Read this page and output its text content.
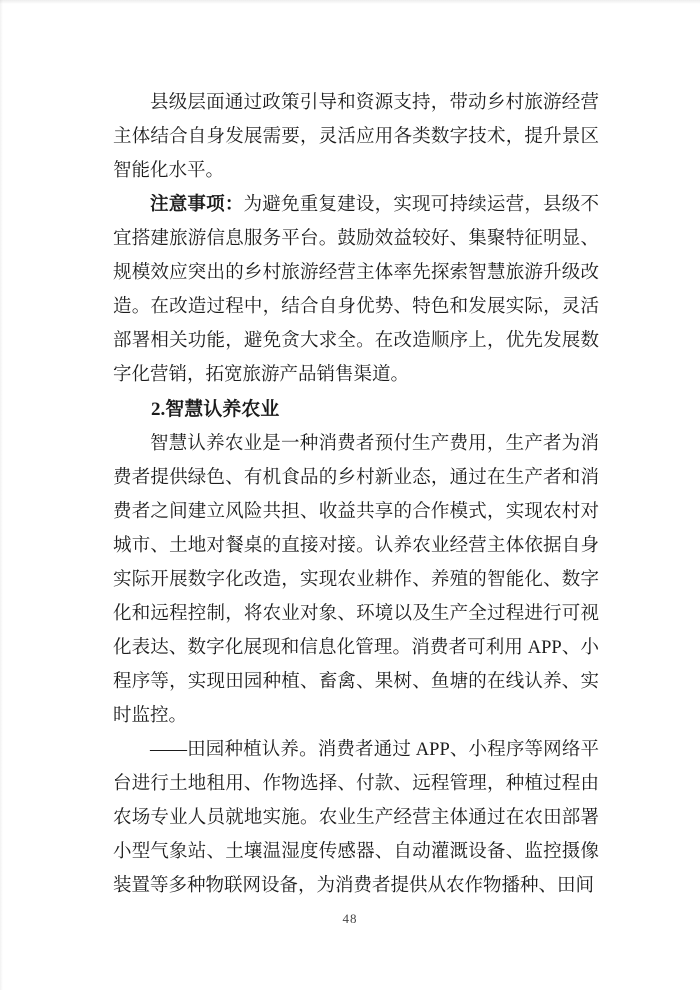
县级层面通过政策引导和资源支持，带动乡村旅游经营主体结合自身发展需要，灵活应用各类数字技术，提升景区智能化水平。

注意事项：为避免重复建设，实现可持续运营，县级不宜搭建旅游信息服务平台。鼓励效益较好、集聚特征明显、规模效应突出的乡村旅游经营主体率先探索智慧旅游升级改造。在改造过程中，结合自身优势、特色和发展实际，灵活部署相关功能，避免贪大求全。在改造顺序上，优先发展数字化营销，拓宽旅游产品销售渠道。

2.智慧认养农业

智慧认养农业是一种消费者预付生产费用，生产者为消费者提供绿色、有机食品的乡村新业态，通过在生产者和消费者之间建立风险共担、收益共享的合作模式，实现农村对城市、土地对餐桌的直接对接。认养农业经营主体依据自身实际开展数字化改造，实现农业耕作、养殖的智能化、数字化和远程控制，将农业对象、环境以及生产全过程进行可视化表达、数字化展现和信息化管理。消费者可利用 APP、小程序等，实现田园种植、畜禽、果树、鱼塘的在线认养、实时监控。

——田园种植认养。消费者通过 APP、小程序等网络平台进行土地租用、作物选择、付款、远程管理，种植过程由农场专业人员就地实施。农业生产经营主体通过在农田部署小型气象站、土壤温湿度传感器、自动灌溉设备、监控摄像装置等多种物联网设备，为消费者提供从农作物播种、田间

48
